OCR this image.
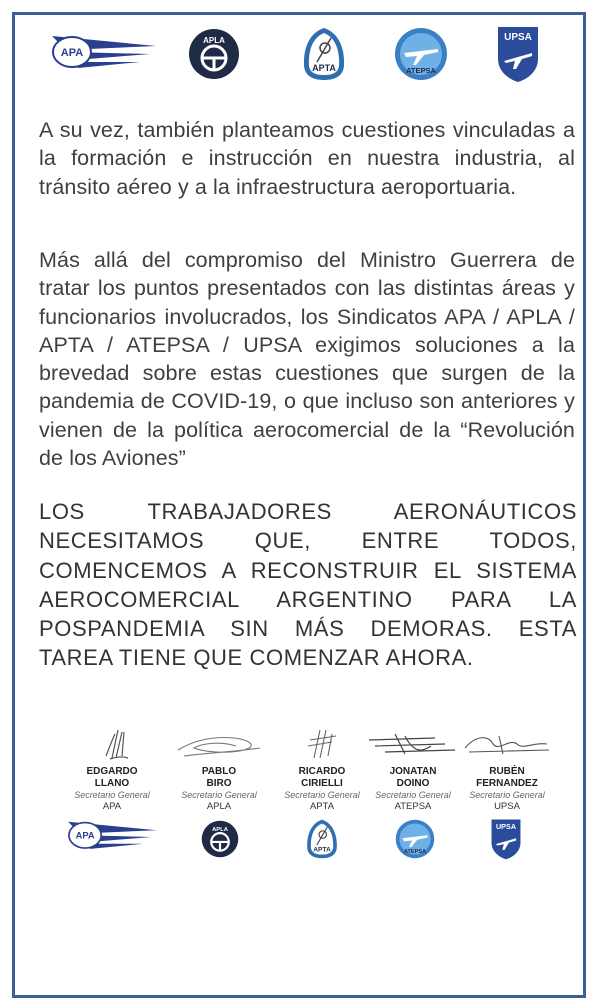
APA
APLA
APTA	ATEPSA
UPSA

A su vez, también planteamos cuestiones vinculadas a la formación e instrucción en nuestra industria, al tránsito aéreo y a la infraestructura aeroportuaria.

Más allá del compromiso del Ministro Guerrera de tratar los puntos presentados con las distintas áreas y funcionarios involucrados, los Sindicatos APA / APLA / APTA / ATEPSA / UPSA exigimos soluciones a la brevedad sobre estas cuestiones que surgen de la pandemia de COVID-19, o que incluso son anteriores y vienen de la política aerocomercial de la “Revolución de los Aviones”

LOS TRABAJADORES AERONÁUTICOS NECESITAMOS QUE, ENTRE TODOS, COMENCEMOS A RECONSTRUIR EL SISTEMA AEROCOMERCIAL ARGENTINO PARA LA POSPANDEMIA SIN MÁS DEMORAS. ESTA TAREA TIENE QUE COMENZAR AHORA.

EDGARDO
LLANO
Secretario General
APA
PABLO
BIRO
Secretario General
APLA
RICARDO
CIRIELLI
Secretario General
APTA
JONATAN
DOINO
Secretario General
ATEPSA
RUBÉN
FERNANDEZ
Secretario General
UPSA
APA
APLA
APTA	ATEPSA
UPSA
